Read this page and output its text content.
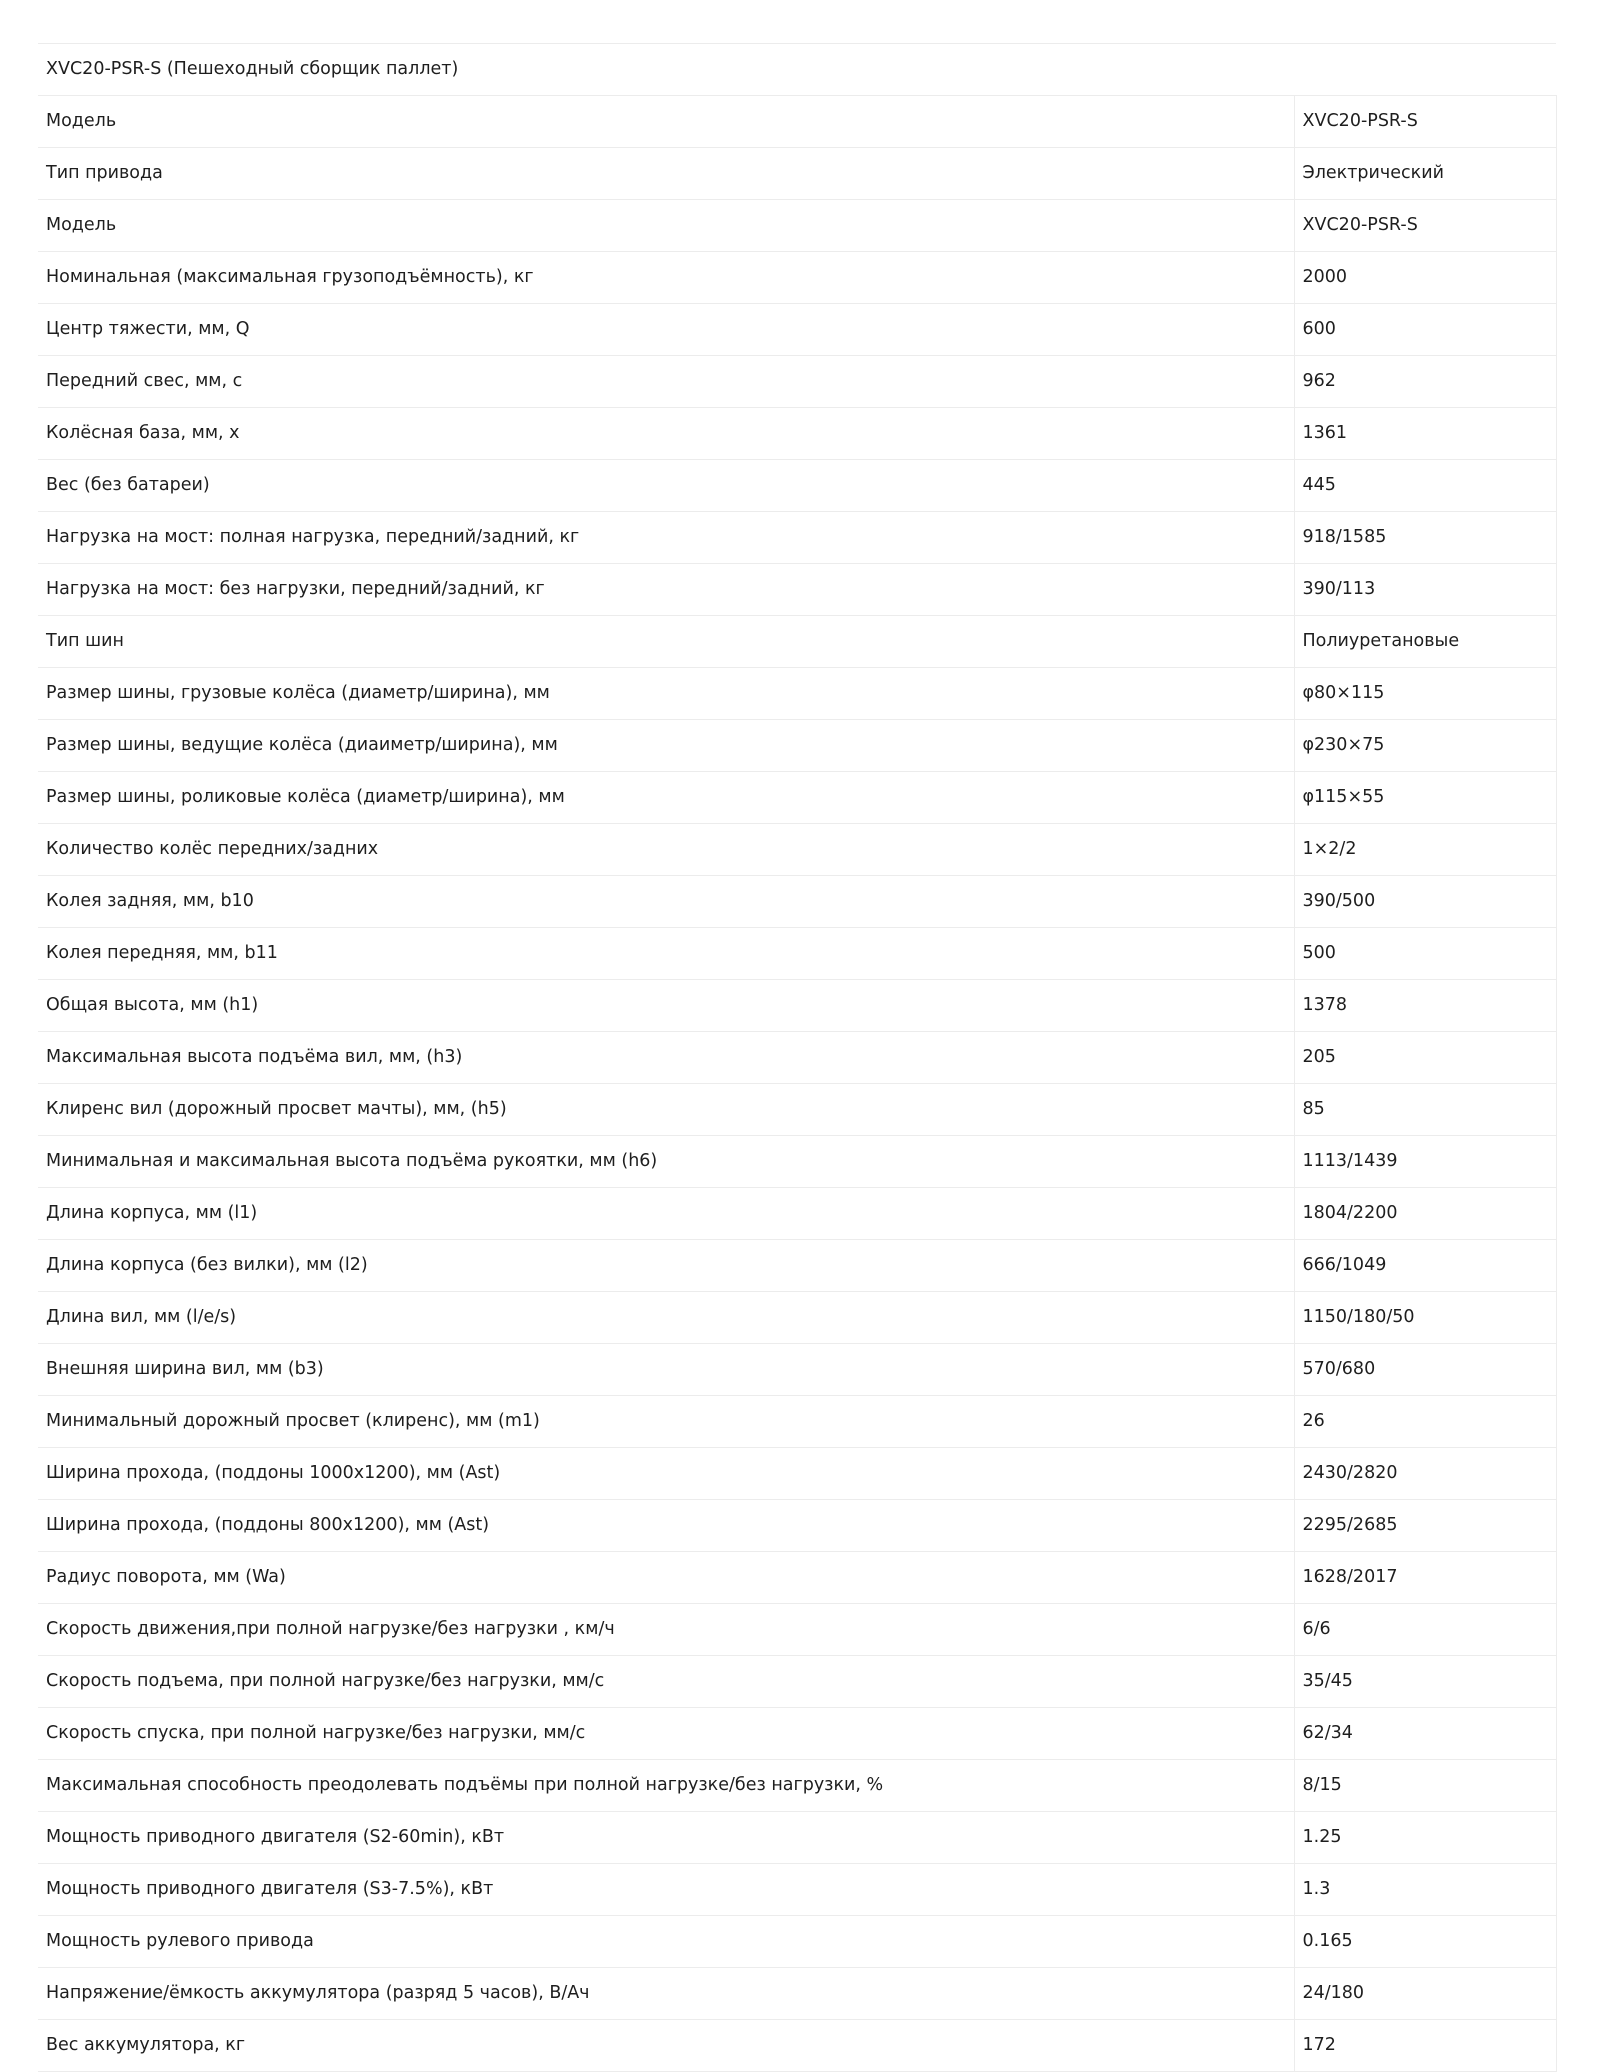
XVC20-PSR-S (Пешеходный сборщик паллет)	
Модель	XVC20-PSR-S
Тип привода	Электрический
Модель	XVC20-PSR-S
Номинальная (максимальная грузоподъёмность), кг	2000
Центр тяжести, мм, Q	600
Передний свес, мм, c	962
Колёсная база, мм, x	1361
Вес (без батареи)	445
Нагрузка на мост: полная нагрузка, передний/задний, кг	918/1585
Нагрузка на мост: без нагрузки, передний/задний, кг	390/113
Тип шин	Полиуретановые
Размер шины, грузовые колёса (диаметр/ширина), мм	φ80×115
Размер шины, ведущие колёса (диаиметр/ширина), мм	φ230×75
Размер шины, роликовые колёса (диаметр/ширина), мм	φ115×55
Количество колёс передних/задних	1×2/2
Колея задняя, мм, b10	390/500
Колея передняя, мм, b11	500
Общая высота, мм (h1)	1378
Максимальная высота подъёма вил, мм, (h3)	205
Клиренс вил (дорожный просвет мачты), мм, (h5)	85
Минимальная и максимальная высота подъёма рукоятки, мм (h6)	1113/1439
Длина корпуса, мм (l1)	1804/2200
Длина корпуса (без вилки), мм (l2)	666/1049
Длина вил, мм (l/e/s)	1150/180/50
Внешняя ширина вил, мм (b3)	570/680
Минимальный дорожный просвет (клиренс), мм (m1)	26
Ширина прохода, (поддоны 1000x1200), мм (Ast)	2430/2820
Ширина прохода, (поддоны 800x1200), мм (Ast)	2295/2685
Радиус поворота, мм (Wa)	1628/2017
Скорость движения,при полной нагрузке/без нагрузки , км/ч	6/6
Скорость подъема, при полной нагрузке/без нагрузки, мм/с	35/45
Скорость спуска, при полной нагрузке/без нагрузки, мм/с	62/34
Максимальная способность преодолевать подъёмы при полной нагрузке/без нагрузки, %	8/15
Мощность приводного двигателя (S2-60min), кВт	1.25
Мощность приводного двигателя (S3-7.5%), кВт	1.3
Мощность рулевого привода	0.165
Напряжение/ёмкость аккумулятора (разряд 5 часов), В/Ач	24/180
Вес аккумулятора, кг	172
